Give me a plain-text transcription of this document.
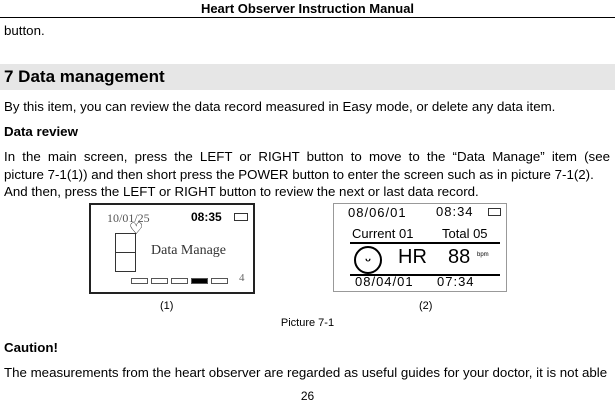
Heart Observer Instruction Manual
button.
7 Data management
By this item, you can review the data record measured in Easy mode, or delete any data item.
Data review
In the main screen, press the LEFT or RIGHT button to move to the “Data Manage” item (see
picture 7-1(1)) and then short press the POWER button to enter the screen such as in picture 7-1(2).
And then, press the LEFT or RIGHT button to review the next or last data record.
10/01/25	08:35
♡
Data Manage
4
08/06/01 08:34
Current 01 Total 05
ᵕ	HR 88 bpm
08/04/01 07:34
(1)	(2)
Picture 7-1
Caution!
The measurements from the heart observer are regarded as useful guides for your doctor, it is not able
26
